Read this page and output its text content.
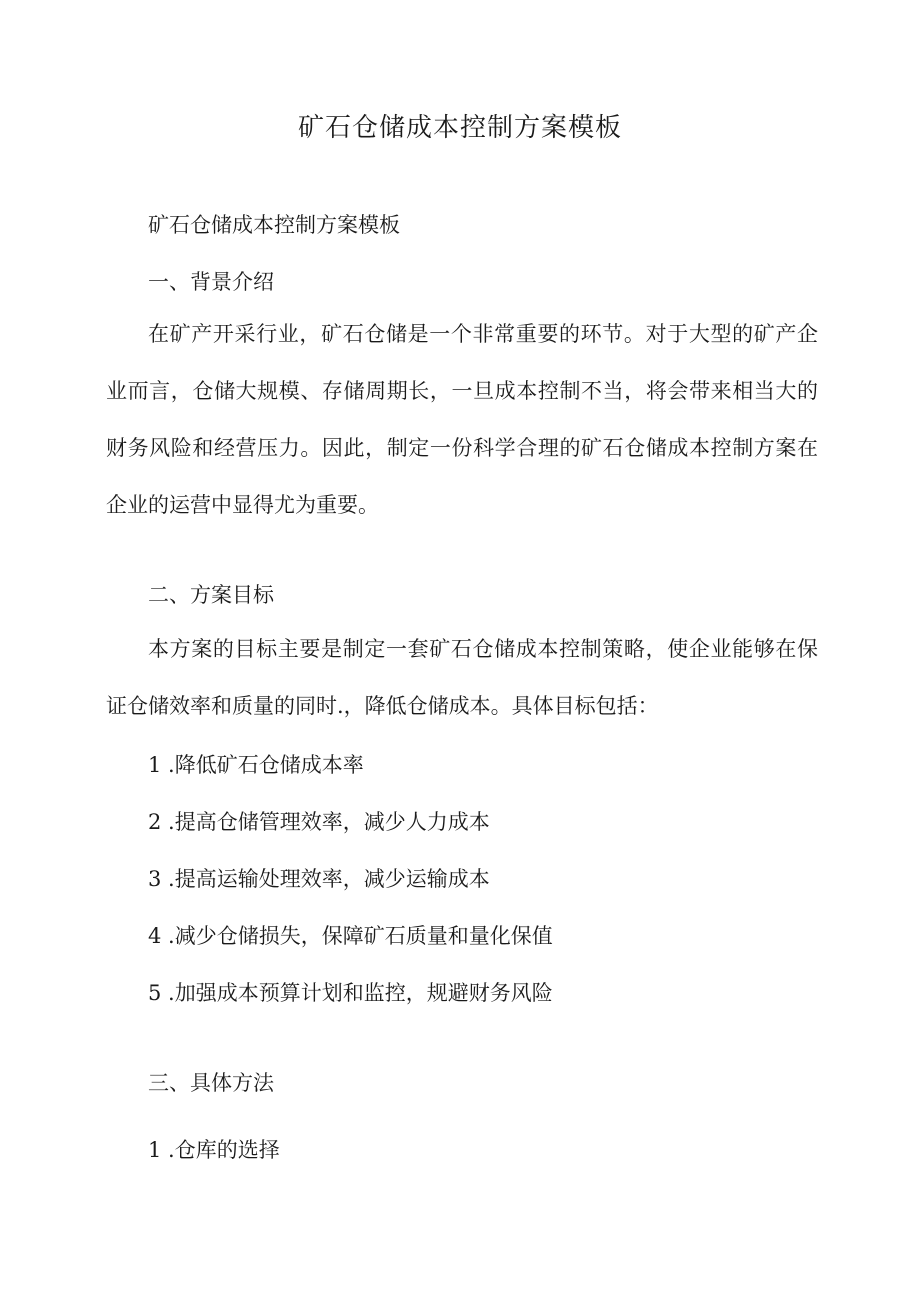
矿石仓储成本控制方案模板

矿石仓储成本控制方案模板

一、背景介绍

在矿产开采行业，矿石仓储是一个非常重要的环节。对于大型的矿产企业而言，仓储大规模、存储周期长，一旦成本控制不当，将会带来相当大的财务风险和经营压力。因此，制定一份科学合理的矿石仓储成本控制方案在企业的运营中显得尤为重要。

二、方案目标

本方案的目标主要是制定一套矿石仓储成本控制策略，使企业能够在保证仓储效率和质量的同时.，降低仓储成本。具体目标包括：

1 .降低矿石仓储成本率

2 .提高仓储管理效率，减少人力成本

3 .提高运输处理效率，减少运输成本

4 .减少仓储损失，保障矿石质量和量化保值

5 .加强成本预算计划和监控，规避财务风险

三、具体方法

1 .仓库的选择
